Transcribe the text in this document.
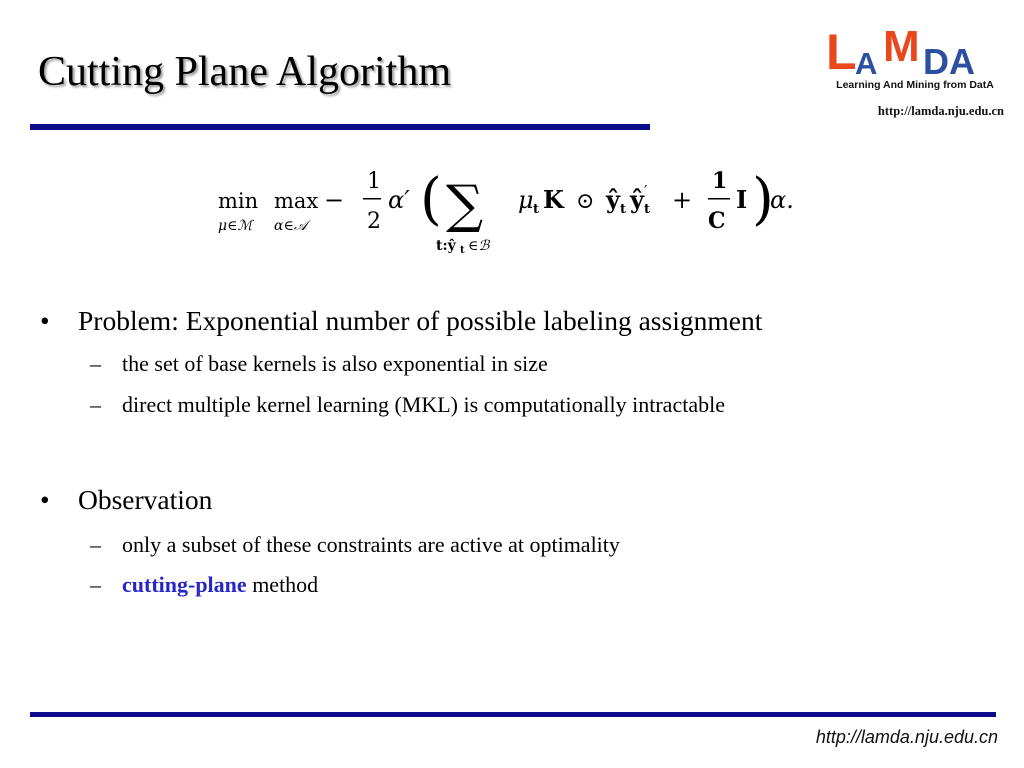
Cutting Plane Algorithm	L
A M DA
Learning And Mining from DatA
http://lamda.nju.edu.cn
min
μ∈ℳ
max
α∈𝒜
−
1
2
α′ ( ∑
t:ŷ t ∈ℬ
μ t K ⊙ ŷ t ŷ ′
t +
1
C
I )
α.
• Problem: Exponential number of possible labeling assignment
– the set of base kernels is also exponential in size
– direct multiple kernel learning (MKL) is computationally intractable
• Observation
– only a subset of these constraints are active at optimality
– cutting-plane method
http://lamda.nju.edu.cn
